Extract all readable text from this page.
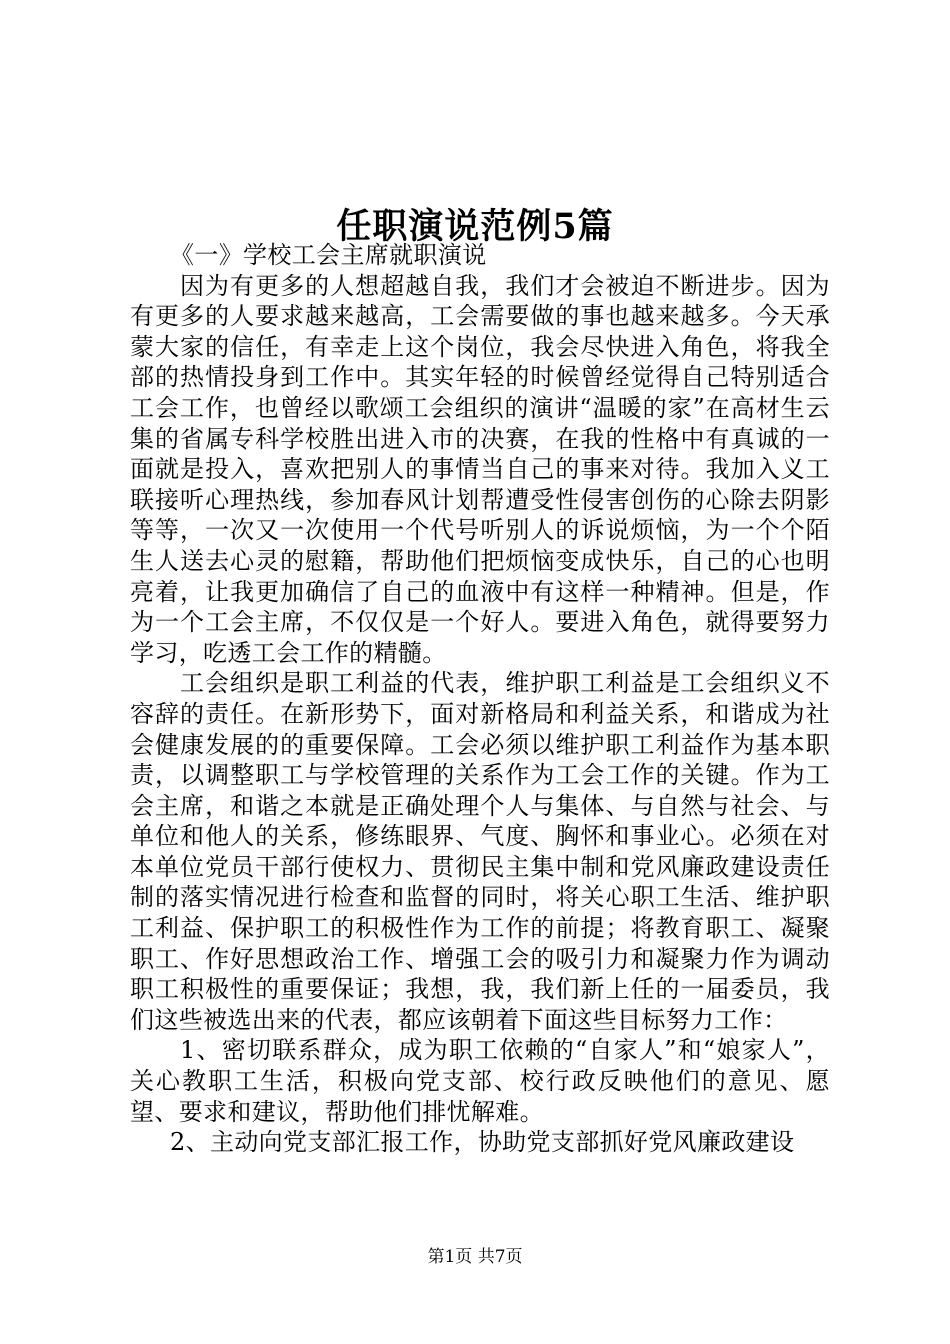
任职演说范例5篇

《一》学校工会主席就职演说

因为有更多的人想超越自我，我们才会被迫不断进步。因为有更多的人要求越来越高，工会需要做的事也越来越多。今天承蒙大家的信任，有幸走上这个岗位，我会尽快进入角色，将我全部的热情投身到工作中。其实年轻的时候曾经觉得自己特别适合工会工作，也曾经以歌颂工会组织的演讲“温暖的家”在高材生云集的省属专科学校胜出进入市的决赛，在我的性格中有真诚的一面就是投入，喜欢把别人的事情当自己的事来对待。我加入义工联接听心理热线，参加春风计划帮遭受性侵害创伤的心除去阴影等等，一次又一次使用一个代号听别人的诉说烦恼，为一个个陌生人送去心灵的慰籍，帮助他们把烦恼变成快乐，自己的心也明亮着，让我更加确信了自己的血液中有这样一种精神。但是，作为一个工会主席，不仅仅是一个好人。要进入角色，就得要努力学习，吃透工会工作的精髓。

工会组织是职工利益的代表，维护职工利益是工会组织义不容辞的责任。在新形势下，面对新格局和利益关系，和谐成为社会健康发展的的重要保障。工会必须以维护职工利益作为基本职责，以调整职工与学校管理的关系作为工会工作的关键。作为工会主席，和谐之本就是正确处理个人与集体、与自然与社会、与单位和他人的关系，修练眼界、气度、胸怀和事业心。必须在对本单位党员干部行使权力、贯彻民主集中制和党风廉政建设责任制的落实情况进行检查和监督的同时，将关心职工生活、维护职工利益、保护职工的积极性作为工作的前提；将教育职工、凝聚职工、作好思想政治工作、增强工会的吸引力和凝聚力作为调动职工积极性的重要保证；我想，我，我们新上任的一届委员，我们这些被选出来的代表，都应该朝着下面这些目标努力工作：

1、密切联系群众，成为职工依赖的“自家人”和“娘家人”，关心教职工生活，积极向党支部、校行政反映他们的意见、愿望、要求和建议，帮助他们排忧解难。

2、主动向党支部汇报工作，协助党支部抓好党风廉政建设

第1页 共7页
